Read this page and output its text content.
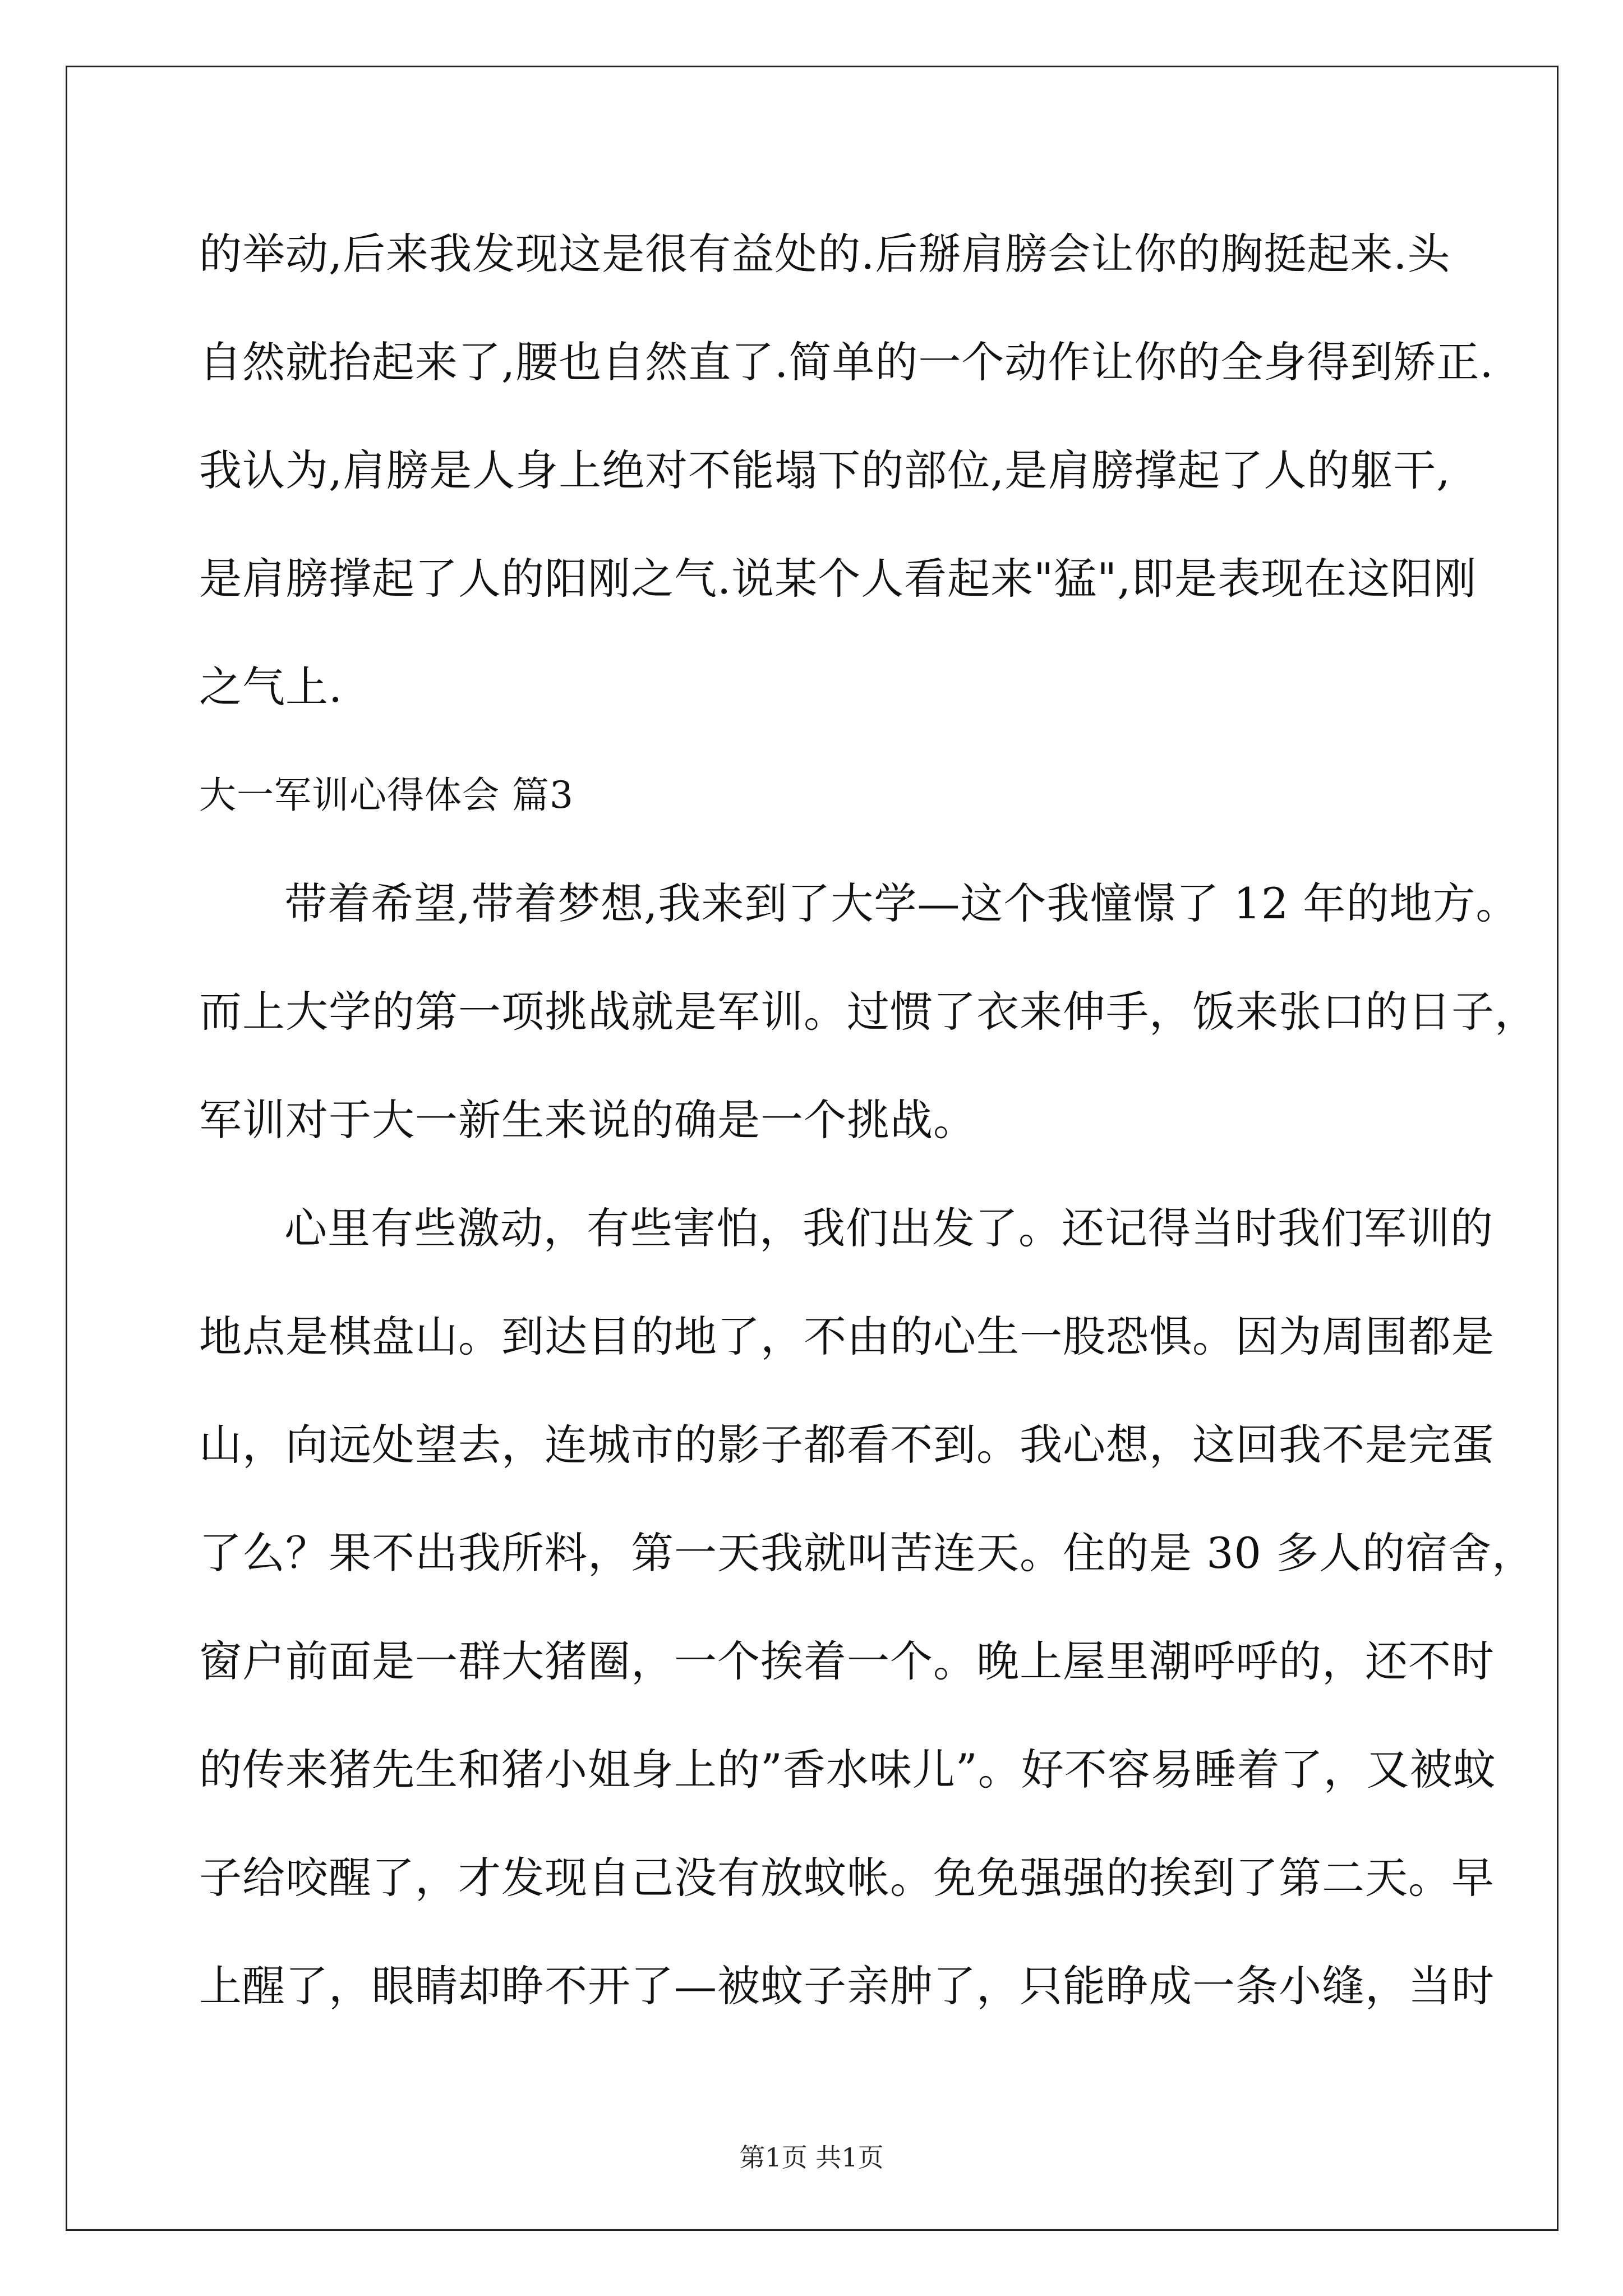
的举动,后来我发现这是很有益处的.后掰肩膀会让你的胸挺起来.头
自然就抬起来了,腰也自然直了.简单的一个动作让你的全身得到矫正.
我认为,肩膀是人身上绝对不能塌下的部位,是肩膀撑起了人的躯干,
是肩膀撑起了人的阳刚之气.说某个人看起来"猛",即是表现在这阳刚
之气上.
大一军训心得体会 篇3
带着希望,带着梦想,我来到了大学—这个我憧憬了 12 年的地方。
而上大学的第一项挑战就是军训。过惯了衣来伸手，饭来张口的日子，
军训对于大一新生来说的确是一个挑战。
心里有些激动，有些害怕，我们出发了。还记得当时我们军训的
地点是棋盘山。到达目的地了，不由的心生一股恐惧。因为周围都是
山，向远处望去，连城市的影子都看不到。我心想，这回我不是完蛋
了么？果不出我所料，第一天我就叫苦连天。住的是 30 多人的宿舍，
窗户前面是一群大猪圈，一个挨着一个。晚上屋里潮呼呼的，还不时
的传来猪先生和猪小姐身上的”香水味儿”。好不容易睡着了，又被蚊
子给咬醒了，才发现自己没有放蚊帐。免免强强的挨到了第二天。早
上醒了，眼睛却睁不开了—被蚊子亲肿了，只能睁成一条小缝，当时
第1页 共1页
